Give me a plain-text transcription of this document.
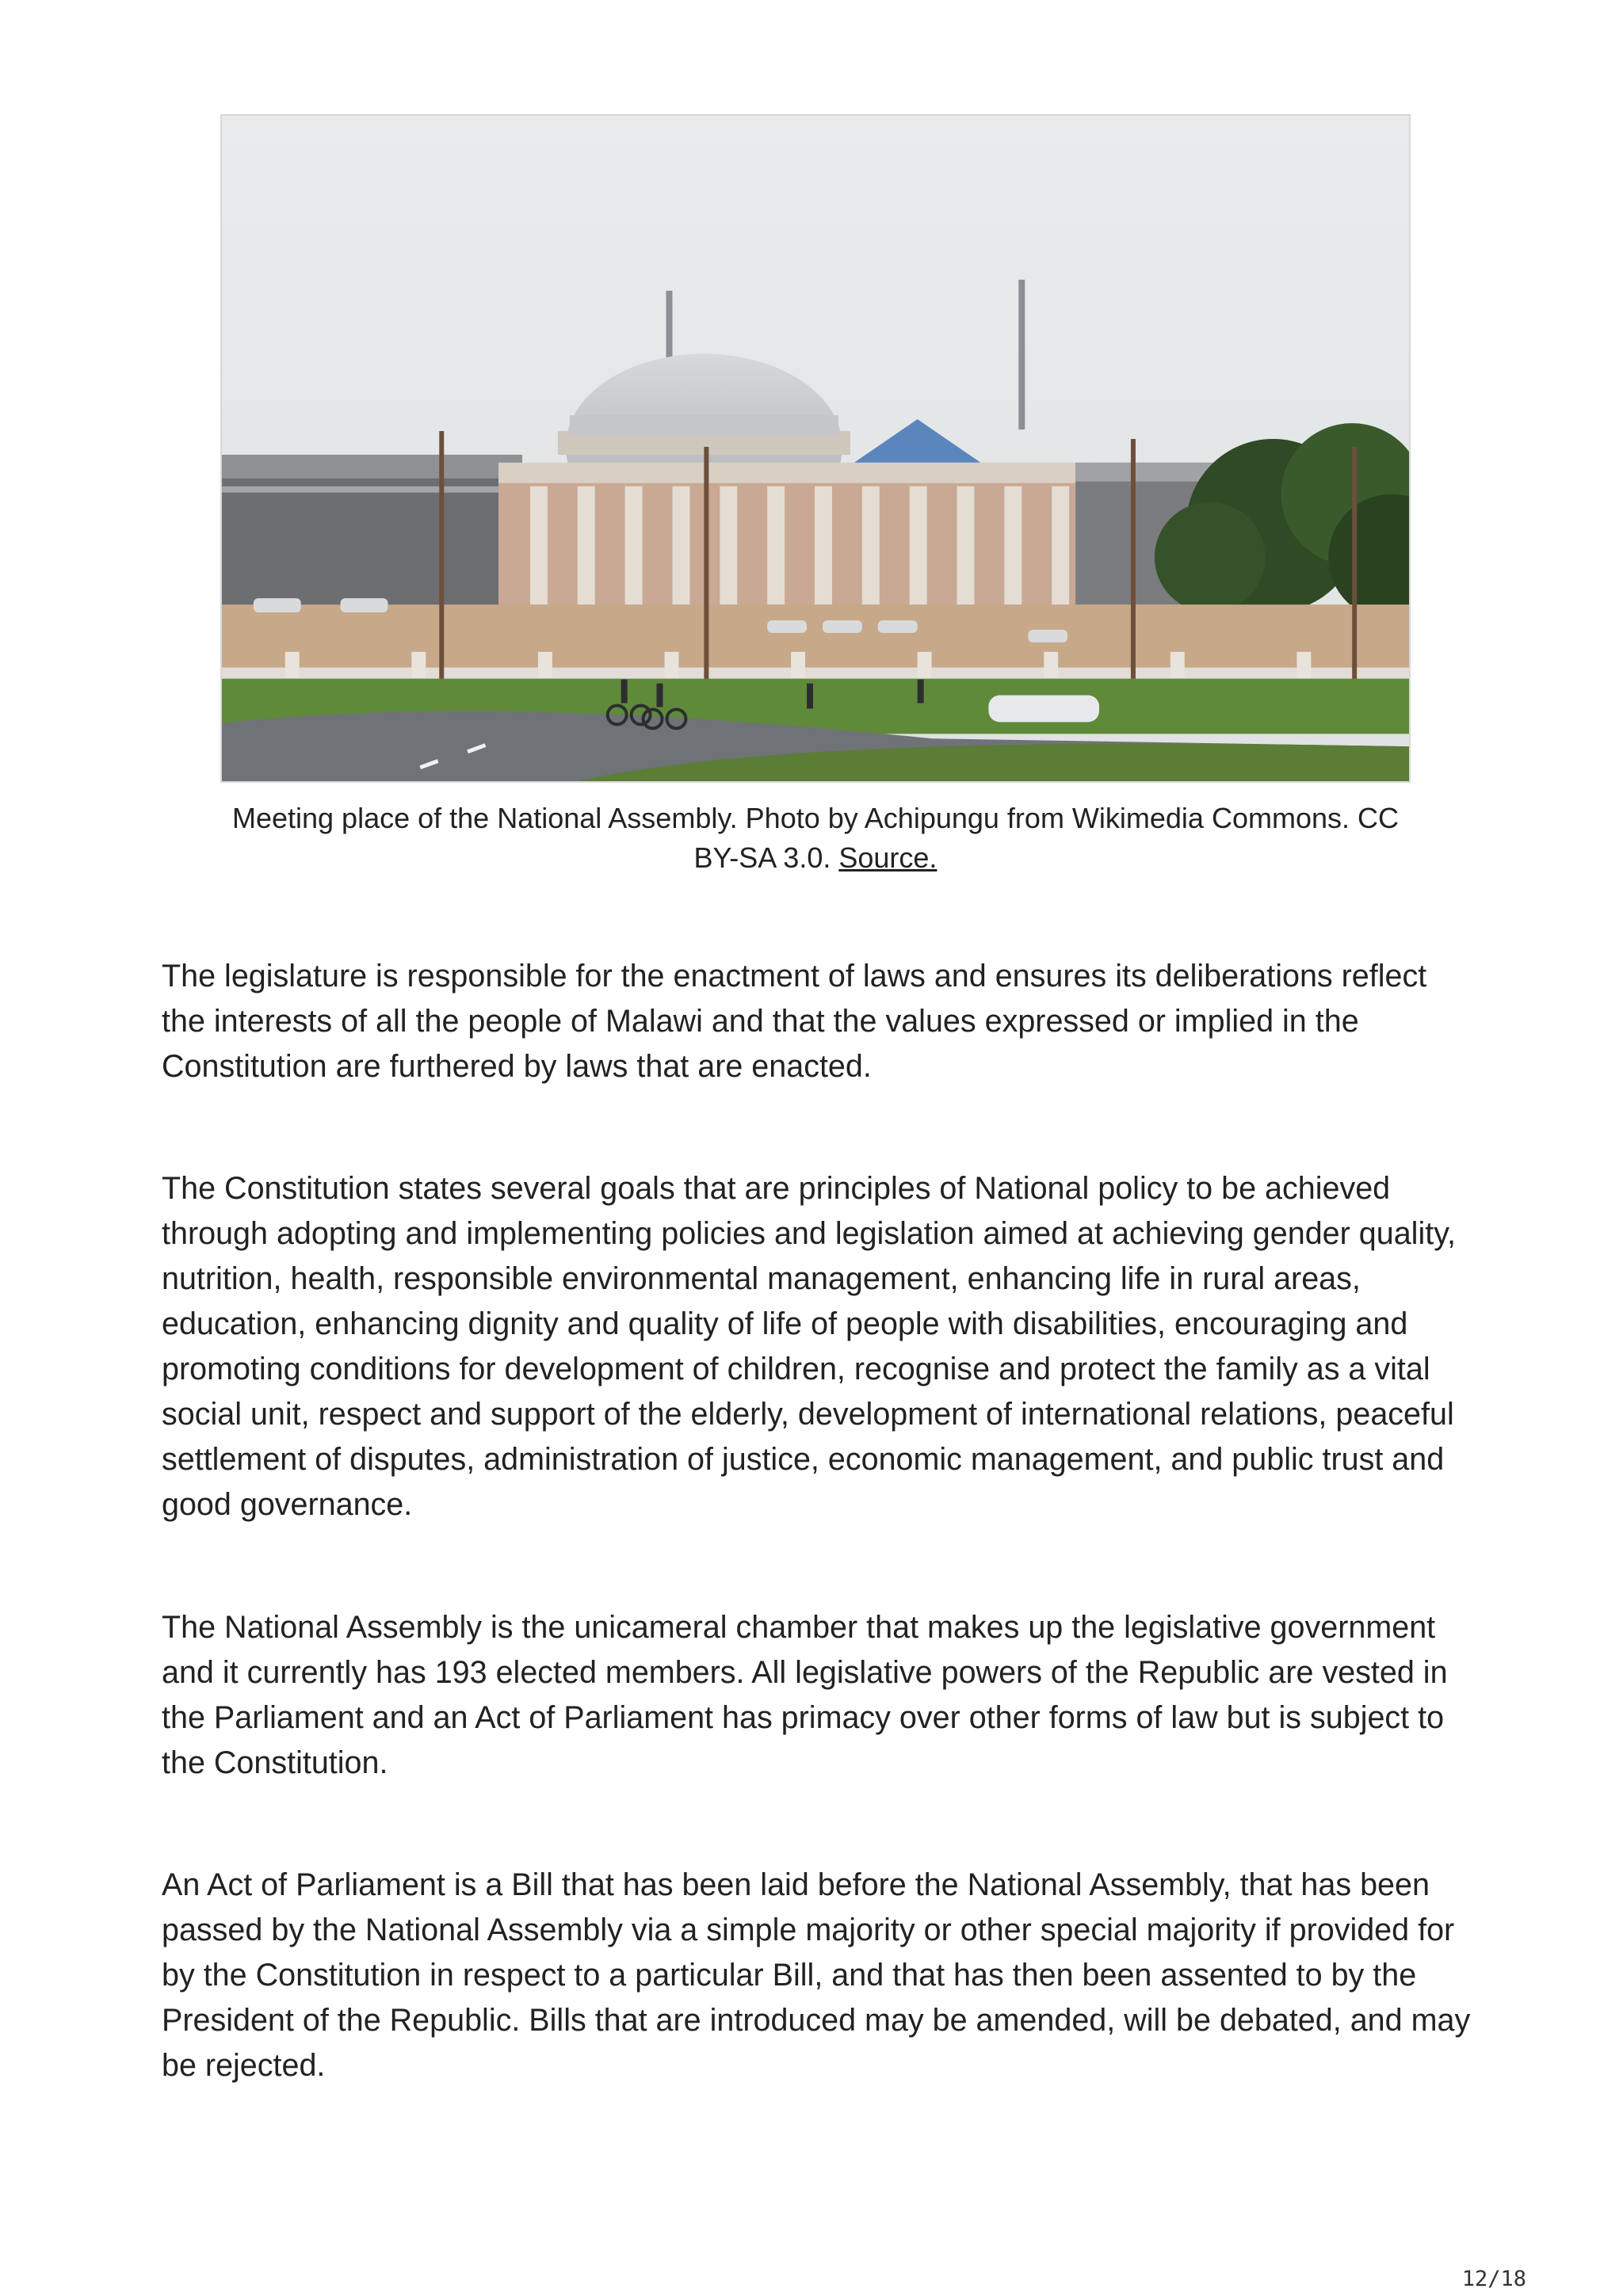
Meeting place of the National Assembly. Photo by Achipungu from Wikimedia Commons. CC BY-SA 3.0. Source.

The legislature is responsible for the enactment of laws and ensures its deliberations reflect the interests of all the people of Malawi and that the values expressed or implied in the Constitution are furthered by laws that are enacted.

The Constitution states several goals that are principles of National policy to be achieved through adopting and implementing policies and legislation aimed at achieving gender quality, nutrition, health, responsible environmental management, enhancing life in rural areas, education, enhancing dignity and quality of life of people with disabilities, encouraging and promoting conditions for development of children, recognise and protect the family as a vital social unit, respect and support of the elderly, development of international relations, peaceful settlement of disputes, administration of justice, economic management, and public trust and good governance.

The National Assembly is the unicameral chamber that makes up the legislative government and it currently has 193 elected members. All legislative powers of the Republic are vested in the Parliament and an Act of Parliament has primacy over other forms of law but is subject to the Constitution.

An Act of Parliament is a Bill that has been laid before the National Assembly, that has been passed by the National Assembly via a simple majority or other special majority if provided for by the Constitution in respect to a particular Bill, and that has then been assented to by the President of the Republic. Bills that are introduced may be amended, will be debated, and may be rejected.

12/18
